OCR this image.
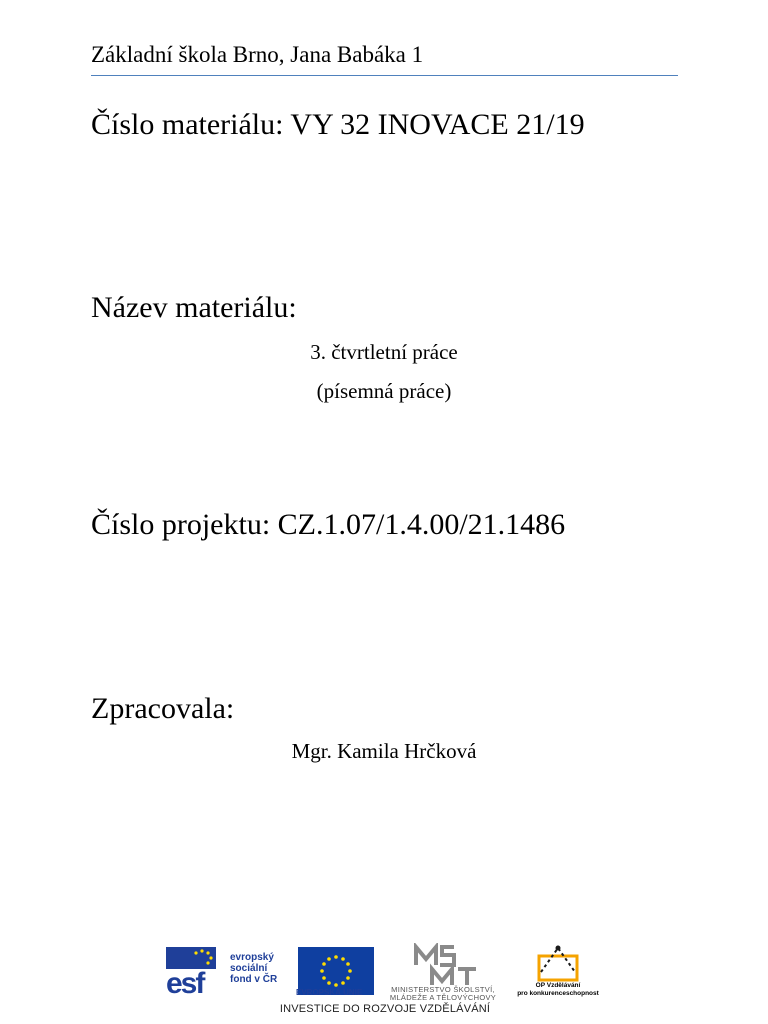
Základní škola Brno, Jana Babáka 1
Číslo materiálu: VY 32 INOVACE 21/19
Název materiálu:
3. čtvrtletní práce
(písemná práce)
Číslo projektu: CZ.1.07/1.4.00/21.1486
Zpracovala:
Mgr. Kamila Hrčková
esf
evropský
sociální
fond v ČR
EVROPSKÁ UNIE	MINISTERSTVO ŠKOLSTVÍ,
MLÁDEŽE A TĚLOVÝCHOVY
OP Vzdělávání
pro konkurenceschopnost
INVESTICE DO ROZVOJE VZDĚLÁVÁNÍ
